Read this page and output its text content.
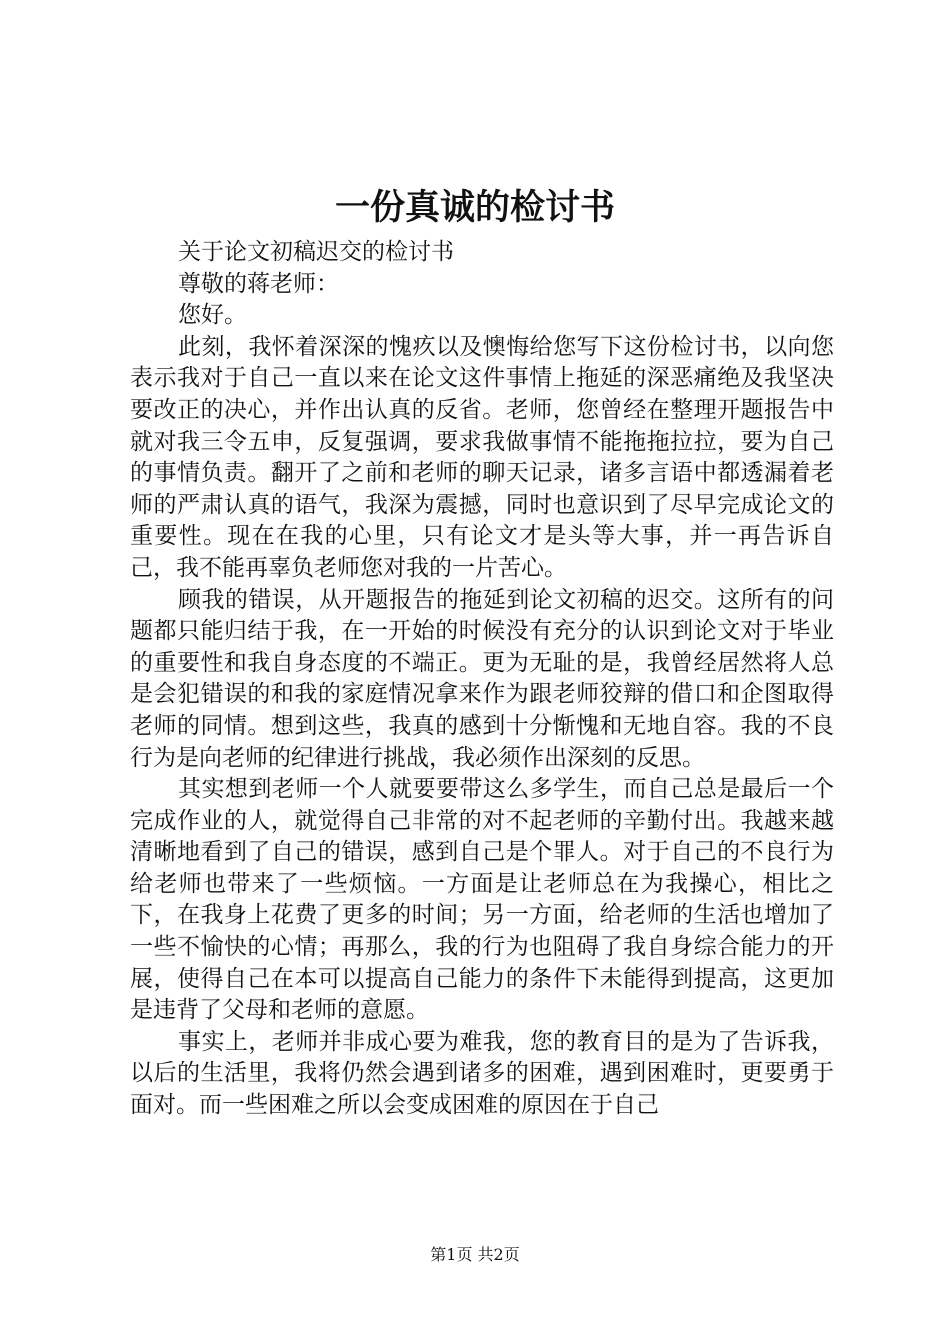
一份真诚的检讨书

关于论文初稿迟交的检讨书

尊敬的蒋老师：

您好。

此刻，我怀着深深的愧疚以及懊悔给您写下这份检讨书，以向您表示我对于自己一直以来在论文这件事情上拖延的深恶痛绝及我坚决要改正的决心，并作出认真的反省。老师，您曾经在整理开题报告中就对我三令五申，反复强调，要求我做事情不能拖拖拉拉，要为自己的事情负责。翻开了之前和老师的聊天记录，诸多言语中都透漏着老师的严肃认真的语气，我深为震撼，同时也意识到了尽早完成论文的重要性。现在在我的心里，只有论文才是头等大事，并一再告诉自己，我不能再辜负老师您对我的一片苦心。

顾我的错误，从开题报告的拖延到论文初稿的迟交。这所有的问题都只能归结于我，在一开始的时候没有充分的认识到论文对于毕业的重要性和我自身态度的不端正。更为无耻的是，我曾经居然将人总是会犯错误的和我的家庭情况拿来作为跟老师狡辩的借口和企图取得老师的同情。想到这些，我真的感到十分惭愧和无地自容。我的不良行为是向老师的纪律进行挑战，我必须作出深刻的反思。

其实想到老师一个人就要要带这么多学生，而自己总是最后一个完成作业的人，就觉得自己非常的对不起老师的辛勤付出。我越来越清晰地看到了自己的错误，感到自己是个罪人。对于自己的不良行为给老师也带来了一些烦恼。一方面是让老师总在为我操心，相比之下，在我身上花费了更多的时间；另一方面，给老师的生活也增加了一些不愉快的心情；再那么，我的行为也阻碍了我自身综合能力的开展，使得自己在本可以提高自己能力的条件下未能得到提高，这更加是违背了父母和老师的意愿。

事实上，老师并非成心要为难我，您的教育目的是为了告诉我，以后的生活里，我将仍然会遇到诸多的困难，遇到困难时，更要勇于面对。而一些困难之所以会变成困难的原因在于自己

第1页 共2页
